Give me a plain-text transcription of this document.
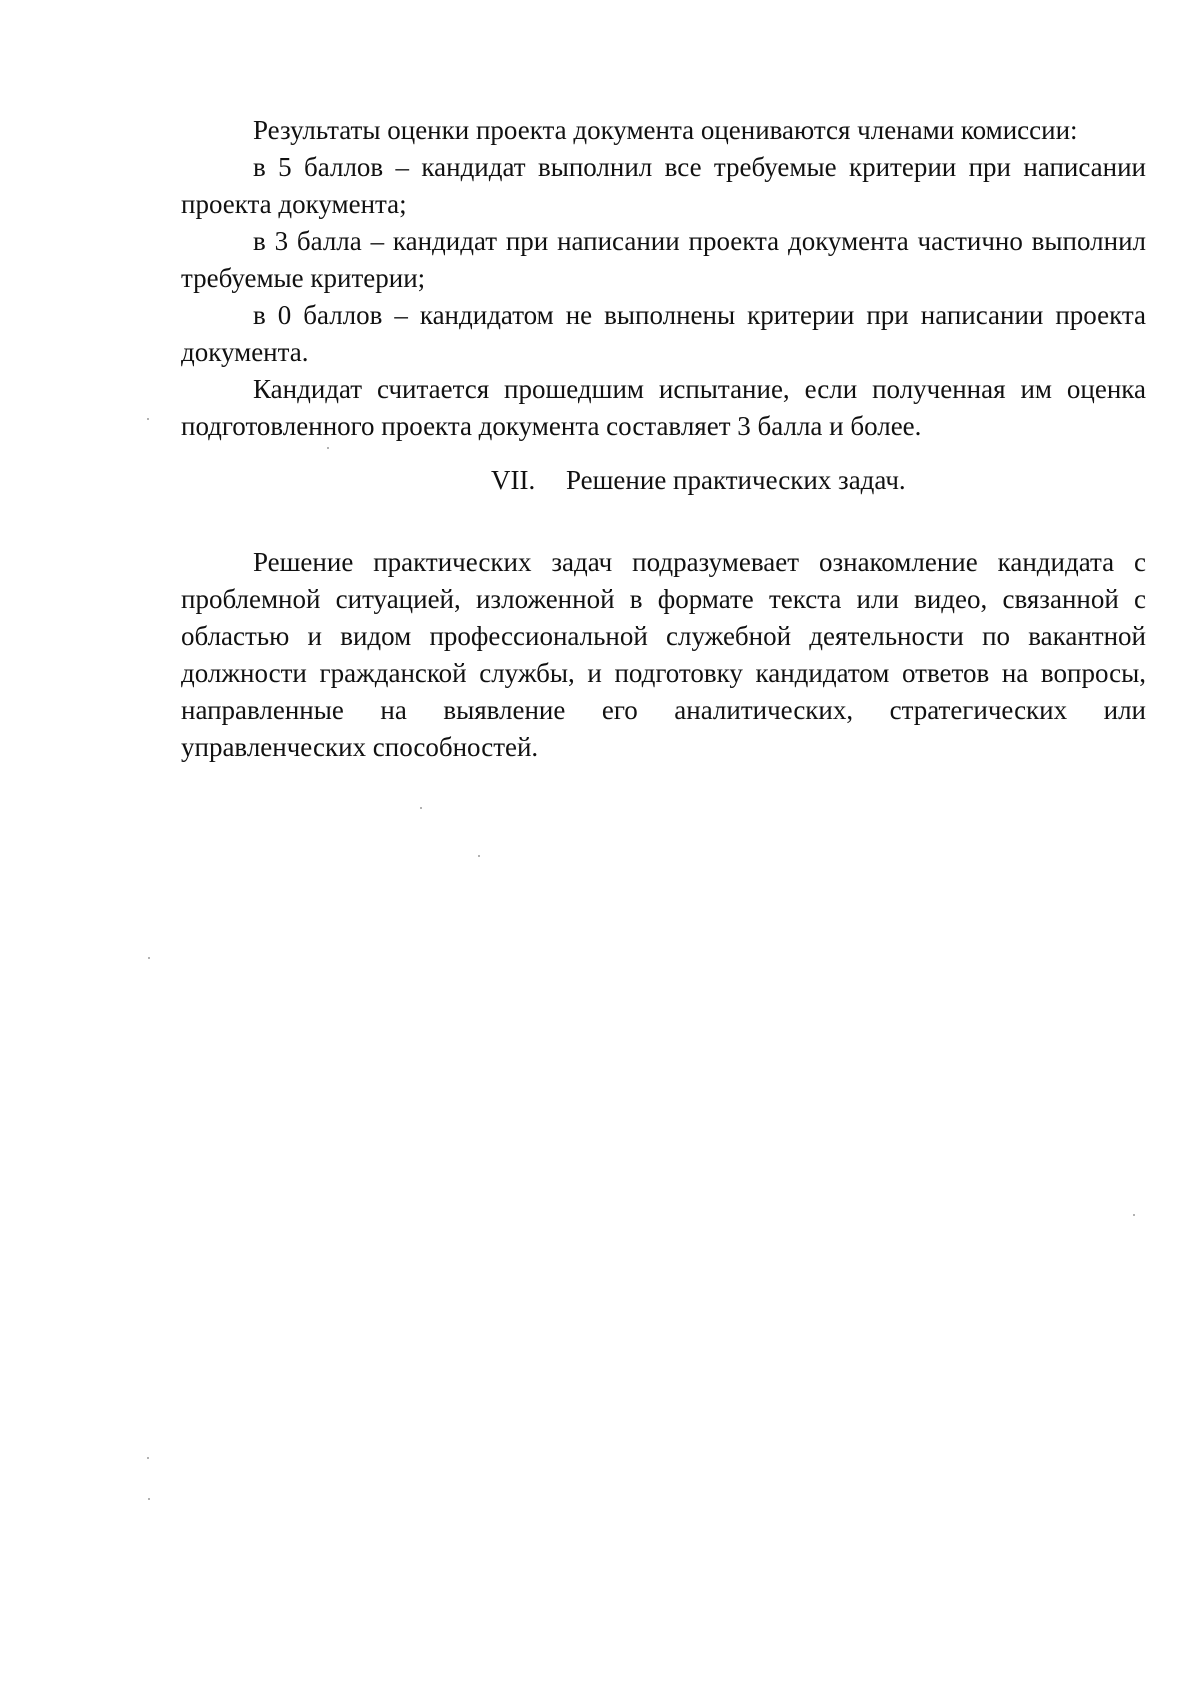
Результаты оценки проекта документа оцениваются членами комиссии:

в 5 баллов – кандидат выполнил все требуемые критерии при написании проекта документа;

в 3 балла – кандидат при написании проекта документа частично выполнил требуемые критерии;

в 0 баллов – кандидатом не выполнены критерии при написании проекта документа.

Кандидат считается прошедшим испытание, если полученная им оценка подготовленного проекта документа составляет 3 балла и более.

VII. Решение практических задач.

Решение практических задач подразумевает ознакомление кандидата с проблемной ситуацией, изложенной в формате текста или видео, связанной с областью и видом профессиональной служебной деятельности по вакантной должности гражданской службы, и подготовку кандидатом ответов на вопросы, направленные на выявление его аналитических, стратегических или управленческих способностей.
